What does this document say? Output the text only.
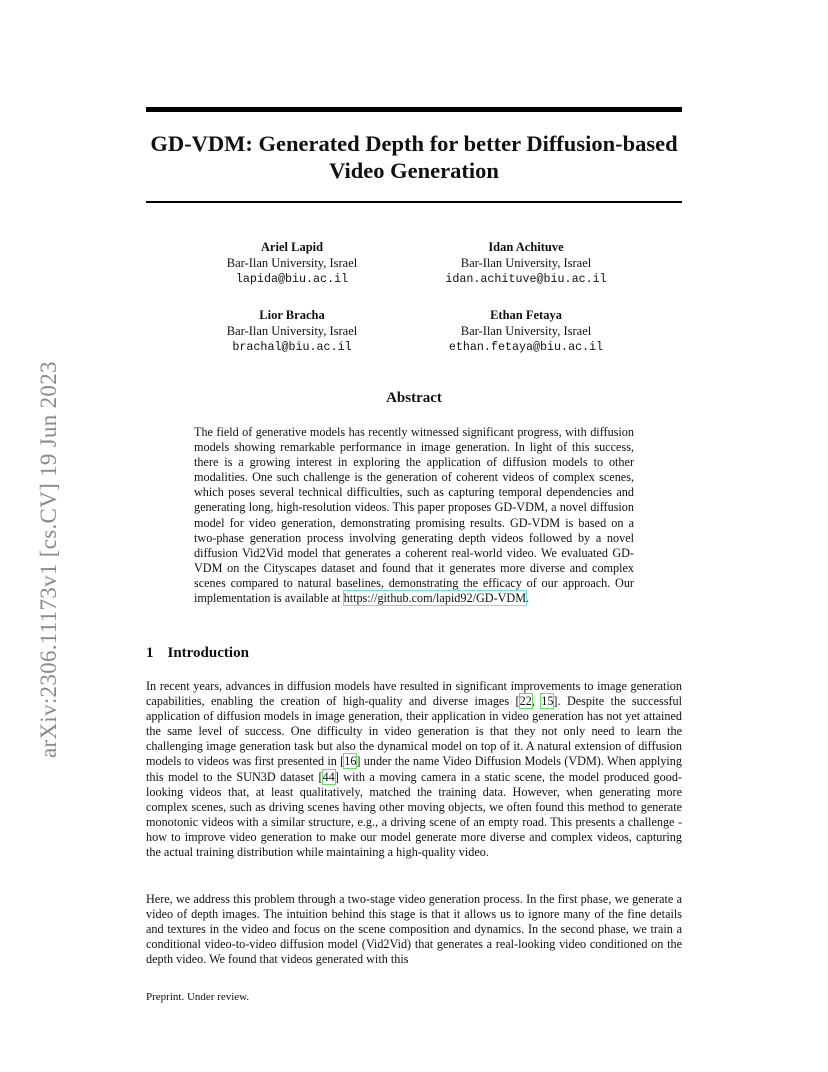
arXiv:2306.11173v1 [cs.CV] 19 Jun 2023
GD-VDM: Generated Depth for better Diffusion-based
Video Generation
Ariel Lapid
Bar-Ilan University, Israel
lapida@biu.ac.il
Idan Achituve
Bar-Ilan University, Israel
idan.achituve@biu.ac.il
Lior Bracha
Bar-Ilan University, Israel
brachal@biu.ac.il
Ethan Fetaya
Bar-Ilan University, Israel
ethan.fetaya@biu.ac.il
Abstract
The field of generative models has recently witnessed significant progress, with diffusion models showing remarkable performance in image generation. In light of this success, there is a growing interest in exploring the application of diffusion models to other modalities. One such challenge is the generation of coherent videos of complex scenes, which poses several technical difficulties, such as capturing temporal dependencies and generating long, high-resolution videos. This paper proposes GD-VDM, a novel diffusion model for video generation, demonstrating promising results. GD-VDM is based on a two-phase generation process involving generating depth videos followed by a novel diffusion Vid2Vid model that generates a coherent real-world video. We evaluated GD-VDM on the Cityscapes dataset and found that it generates more diverse and complex scenes compared to natural baselines, demonstrating the efficacy of our approach. Our implementation is available at https://github.com/lapid92/GD-VDM.
1 Introduction
In recent years, advances in diffusion models have resulted in significant improvements to image generation capabilities, enabling the creation of high-quality and diverse images [22, 15]. Despite the successful application of diffusion models in image generation, their application in video generation has not yet attained the same level of success. One difficulty in video generation is that they not only need to learn the challenging image generation task but also the dynamical model on top of it. A natural extension of diffusion models to videos was first presented in [16] under the name Video Diffusion Models (VDM). When applying this model to the SUN3D dataset [44] with a moving camera in a static scene, the model produced good-looking videos that, at least qualitatively, matched the training data. However, when generating more complex scenes, such as driving scenes having other moving objects, we often found this method to generate monotonic videos with a similar structure, e.g., a driving scene of an empty road. This presents a challenge - how to improve video generation to make our model generate more diverse and complex videos, capturing the actual training distribution while maintaining a high-quality video.
Here, we address this problem through a two-stage video generation process. In the first phase, we generate a video of depth images. The intuition behind this stage is that it allows us to ignore many of the fine details and textures in the video and focus on the scene composition and dynamics. In the second phase, we train a conditional video-to-video diffusion model (Vid2Vid) that generates a real-looking video conditioned on the depth video. We found that videos generated with this
Preprint. Under review.
